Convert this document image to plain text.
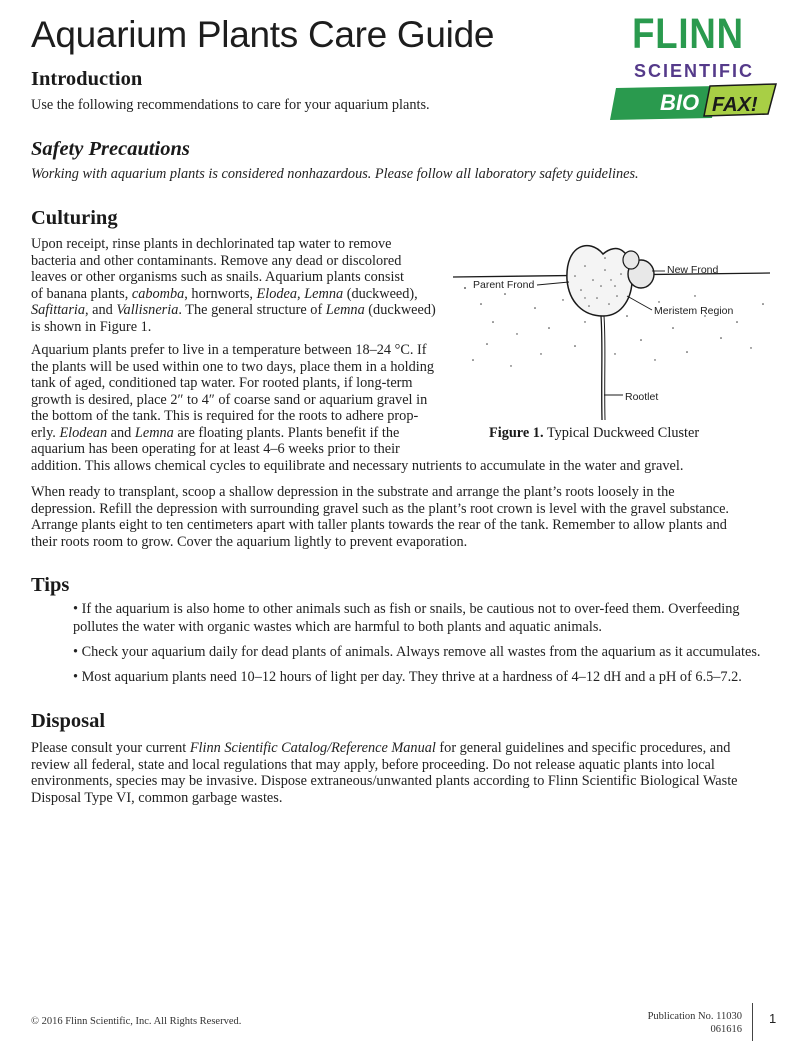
Aquarium Plants Care Guide	FLINN
SCIENTIFIC
BIO FAX!
Introduction

Use the following recommendations to care for your aquarium plants.

Safety Precautions

Working with aquarium plants is considered nonhazardous. Please follow all laboratory safety guidelines.

Culturing
Upon receipt, rinse plants in dechlorinated tap water to remove
bacteria and other contaminants. Remove any dead or discolored
leaves or other organisms such as snails. Aquarium plants consist
of banana plants, cabomba, hornworts, Elodea, Lemna (duckweed),
Safittaria, and Vallisneria. The general structure of Lemna (duckweed)
is shown in Figure 1.
Aquarium plants prefer to live in a temperature between 18–24 °C. If
the plants will be used within one to two days, place them in a holding
tank of aged, conditioned tap water. For rooted plants, if long-term
growth is desired, place 2″ to 4″ of coarse sand or aquarium gravel in
the bottom of the tank. This is required for the roots to adhere prop-
erly. Elodean and Lemna are floating plants. Plants benefit if the
aquarium has been operating for at least 4–6 weeks prior to their
addition. This allows chemical cycles to equilibrate and necessary nutrients to accumulate in the water and gravel.
When ready to transplant, scoop a shallow depression in the substrate and arrange the plant’s roots loosely in the
depression. Refill the depression with surrounding gravel such as the plant’s root crown is level with the gravel substance.
Arrange plants eight to ten centimeters apart with taller plants towards the rear of the tank. Remember to allow plants and
their roots room to grow. Cover the aquarium lightly to prevent evaporation.
New Frond
Parent Frond
Meristem Region
Rootlet

Figure 1. Typical Duckweed Cluster

Tips
• If the aquarium is also home to other animals such as fish or snails, be cautious not to over-feed them. Overfeeding
pollutes the water with organic wastes which are harmful to both plants and aquatic animals.
• Check your aquarium daily for dead plants of animals. Always remove all wastes from the aquarium as it accumulates.
• Most aquarium plants need 10–12 hours of light per day. They thrive at a hardness of 4–12 dH and a pH of 6.5–7.2.
Disposal
Please consult your current Flinn Scientific Catalog/Reference Manual for general guidelines and specific procedures, and
review all federal, state and local regulations that may apply, before proceeding. Do not release aquatic plants into local
environments, species may be invasive. Dispose extraneous/unwanted plants according to Flinn Scientific Biological Waste
Disposal Type VI, common garbage wastes.
© 2016 Flinn Scientific, Inc. All Rights Reserved.	Publication No. 11030
061616
1
